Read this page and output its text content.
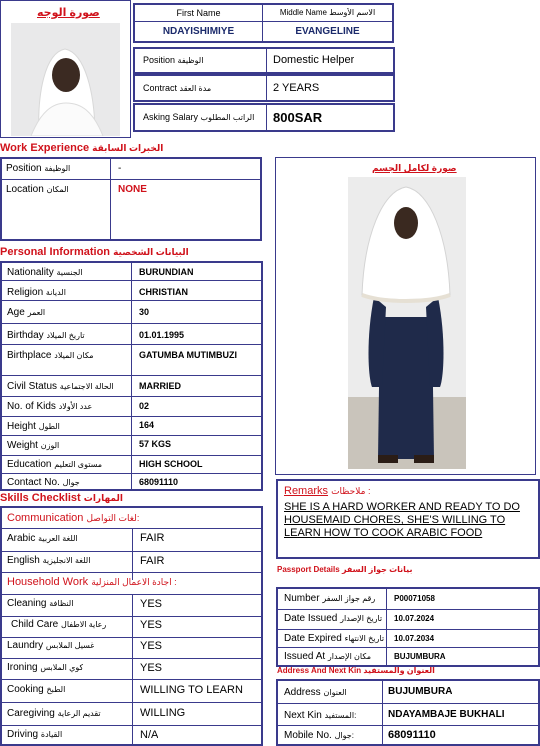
صورة الوجه	First Name	Middle Name الاسم الأوسط
NDAYISHIMIYE	EVANGELINE
Position الوظيفة	Domestic Helper
Contract مدة العقد	2 YEARS
Asking Salary الراتب المطلوب 800SAR
Work Experience الخبرات السابقة
Position الوظيفة	-
Location المكان	NONE
صورة لكامل الجسم
Personal Information البيانات الشخصية
Nationality الجنسية	BURUNDIAN
Religion الديانة	CHRISTIAN
Age العمر	30
Birthday تاريخ الميلاد	01.01.1995
Birthplace مكان الميلاد	GATUMBA MUTIMBUZI
Civil Status الحالة الاجتماعية	MARRIED
No. of Kids عدد الأولاد	02
Height الطول	164
Weight الوزن	57 KGS
Education مستوى التعليم	HIGH SCHOOL
Contact No. جوال	68091110
Skills Checklist المهارات
Communication لغات التواصل:
Arabic اللغة العربية	FAIR
English اللغة الانجليزية	FAIR
Household Work اجادة الاعمال المنزلية :
Cleaning النظافة	YES
Child Care رعاية الاطفال	YES
Laundry غسيل الملابس	YES
Ironing كوي الملابس	YES
Cooking الطبخ	WILLING TO LEARN
Caregiving تقديم الرعاية	WILLING
Driving القيادة	N/A
Remarks ملاحظات :
SHE IS A HARD WORKER AND READY TO DO HOUSEMAID CHORES, SHE'S WILLING TO LEARN HOW TO COOK ARABIC FOOD
Passport Details بيانات جواز السفر
Number رقم جواز السفر P00071058
Date Issued تاريخ الإصدار 10.07.2024
Date Expired تاريخ الانتهاء 10.07.2034
Issued At مكان الإصدار	BUJUMBURA
Address And Next Kin العنوان والمستفيد
Address العنوان	BUJUMBURA
Next Kin المستفيد:	NDAYAMBAJE BUKHALI
Mobile No. جوال:	68091110
